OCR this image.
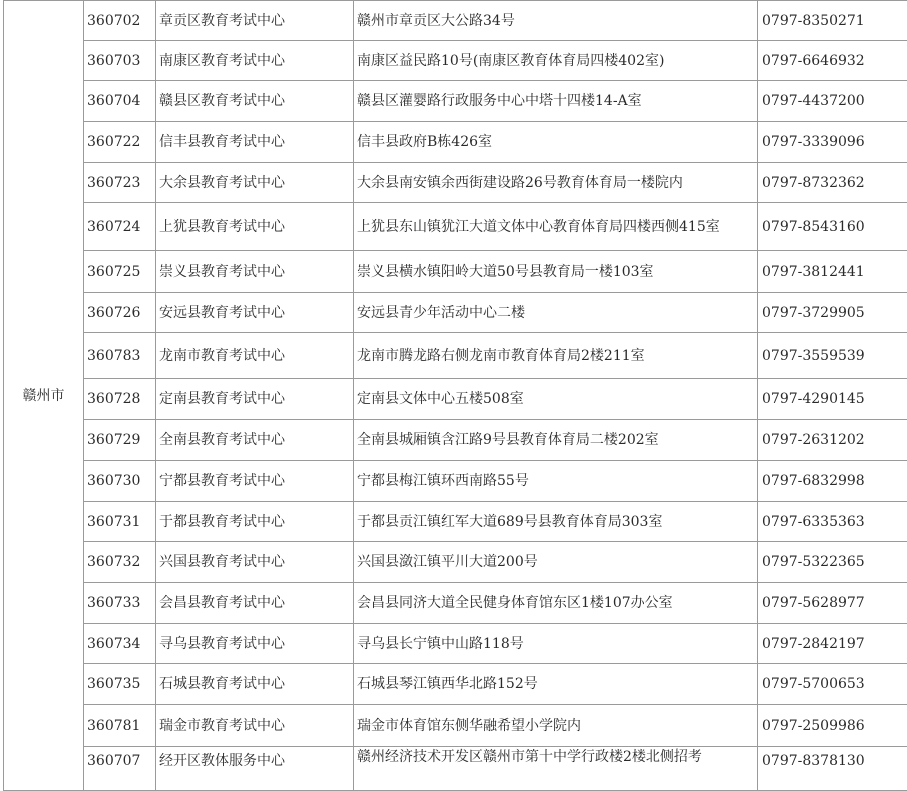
赣州市	360702	章贡区教育考试中心	赣州市章贡区大公路34号	0797-8350271
	360703	南康区教育考试中心	南康区益民路10号(南康区教育体育局四楼402室)	0797-6646932
	360704	赣县区教育考试中心	赣县区灌婴路行政服务中心中塔十四楼14-A室	0797-4437200
	360722	信丰县教育考试中心	信丰县政府B栋426室	0797-3339096
	360723	大余县教育考试中心	大余县南安镇余西街建设路26号教育体育局一楼院内	0797-8732362
	360724	上犹县教育考试中心	上犹县东山镇犹江大道文体中心教育体育局四楼西侧415室	0797-8543160
	360725	崇义县教育考试中心	崇义县横水镇阳岭大道50号县教育局一楼103室	0797-3812441
	360726	安远县教育考试中心	安远县青少年活动中心二楼	0797-3729905
	360783	龙南市教育考试中心	龙南市腾龙路右侧龙南市教育体育局2楼211室	0797-3559539
	360728	定南县教育考试中心	定南县文体中心五楼508室	0797-4290145
	360729	全南县教育考试中心	全南县城厢镇含江路9号县教育体育局二楼202室	0797-2631202
	360730	宁都县教育考试中心	宁都县梅江镇环西南路55号	0797-6832998
	360731	于都县教育考试中心	于都县贡江镇红军大道689号县教育体育局303室	0797-6335363
	360732	兴国县教育考试中心	兴国县潋江镇平川大道200号	0797-5322365
	360733	会昌县教育考试中心	会昌县同济大道全民健身体育馆东区1楼107办公室	0797-5628977
	360734	寻乌县教育考试中心	寻乌县长宁镇中山路118号	0797-2842197
	360735	石城县教育考试中心	石城县琴江镇西华北路152号	0797-5700653
	360781	瑞金市教育考试中心	瑞金市体育馆东侧华融希望小学院内	0797-2509986
	360707	经开区教体服务中心	赣州经济技术开发区赣州市第十中学行政楼2楼北侧招考	0797-8378130
